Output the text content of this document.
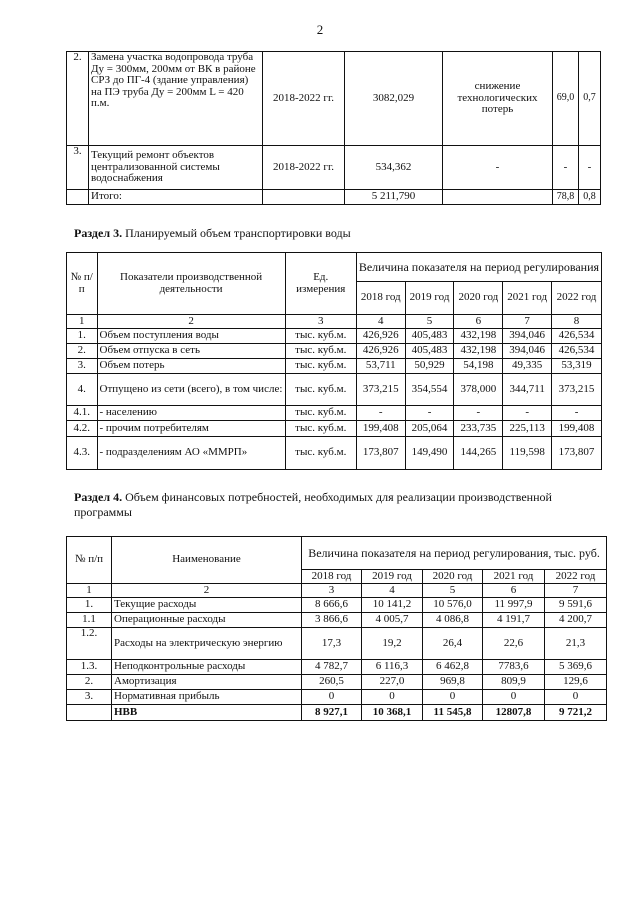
2
2.	Замена участка водопровода труба Ду = 300мм, 200мм от ВК в районе СРЗ до ПГ-4 (здание управления) на ПЭ труба Ду = 200мм L = 420 п.м.	2018-2022 гг.	3082,029	снижение технологических потерь	69,0	0,7
3.	Текущий ремонт объектов централизованной системы водоснабжения	2018-2022 гг.	534,362	-	-	-
	Итого:		5 211,790		78,8	0,8
Раздел 3. Планируемый объем транспортировки воды
№ п/п	Показатели производственной деятельности	Ед. измерения	Величина показателя на период регулирования				
			2018 год	2019 год	2020 год	2021 год	2022 год
1	2	3	4	5	6	7	8
1.	Объем поступления воды	тыс. куб.м.	426,926	405,483	432,198	394,046	426,534
2.	Объем отпуска в сеть	тыс. куб.м.	426,926	405,483	432,198	394,046	426,534
3.	Объем потерь	тыс. куб.м.	53,711	50,929	54,198	49,335	53,319
4.	Отпущено из сети (всего), в том числе:	тыс. куб.м.	373,215	354,554	378,000	344,711	373,215
4.1.	- населению	тыс. куб.м.	-	-	-	-	-
4.2.	- прочим потребителям	тыс. куб.м.	199,408	205,064	233,735	225,113	199,408
4.3.	- подразделениям АО «ММРП»	тыс. куб.м.	173,807	149,490	144,265	119,598	173,807
Раздел 4. Объем финансовых потребностей, необходимых для реализации производственной программы
№ п/п	Наименование	Величина показателя на период регулирования, тыс. руб.				
		2018 год	2019 год	2020 год	2021 год	2022 год
1	2	3	4	5	6	7
1.	Текущие расходы	8 666,6	10 141,2	10 576,0	11 997,9	9 591,6
1.1	Операционные расходы	3 866,6	4 005,7	4 086,8	4 191,7	4 200,7
1.2.	Расходы на электрическую энергию	17,3	19,2	26,4	22,6	21,3
1.3.	Неподконтрольные расходы	4 782,7	6 116,3	6 462,8	7783,6	5 369,6
2.	Амортизация	260,5	227,0	969,8	809,9	129,6
3.	Нормативная прибыль	0	0	0	0	0
	НВВ	8 927,1	10 368,1	11 545,8	12807,8	9 721,2
